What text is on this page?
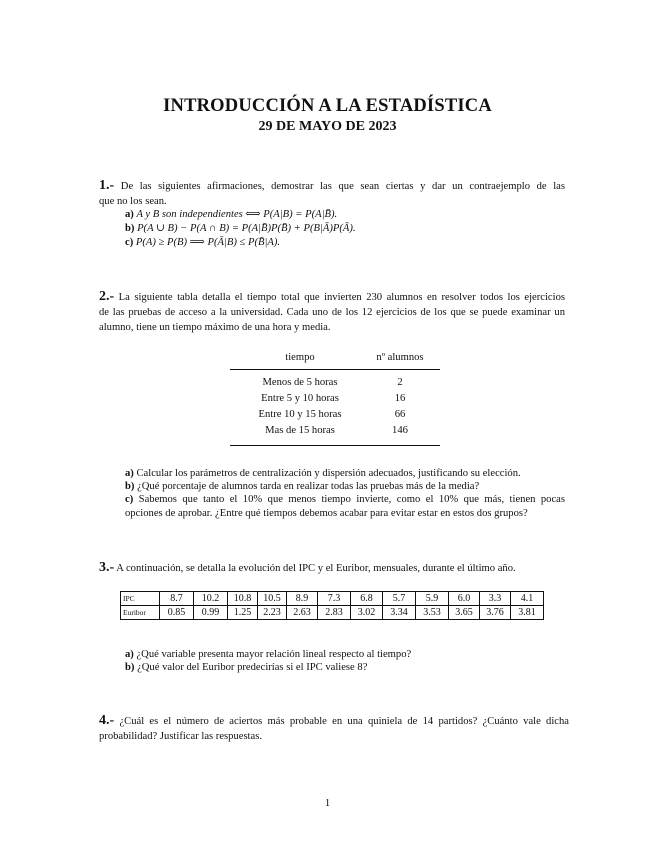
INTRODUCCIÓN A LA ESTADÍSTICA
29 DE MAYO DE 2023
1.- De las siguientes afirmaciones, demostrar las que sean ciertas y dar un contraejemplo de las
que no los sean.
a) A y B son independientes ⟺ P(A|B) = P(A|B̄).
b) P(A ∪ B) − P(A ∩ B) = P(A|B̄)P(B̄) + P(B|Ā)P(Ā).
c) P(A) ≥ P(B) ⟹ P(Ā|B) ≤ P(B̄|A).
2.- La siguiente tabla detalla el tiempo total que invierten 230 alumnos en resolver todos los ejercicios
de las pruebas de acceso a la universidad. Cada uno de los 12 ejercicios de los que se puede examinar un
alumno, tiene un tiempo máximo de una hora y media.
tiempo	nº alumnos
Menos de 5 horas	2
Entre 5 y 10 horas	16
Entre 10 y 15 horas	66
Mas de 15 horas	146
a) Calcular los parámetros de centralización y dispersión adecuados, justificando su elección.
b) ¿Qué porcentaje de alumnos tarda en realizar todas las pruebas más de la media?
c) Sabemos que tanto el 10% que menos tiempo invierte, como el 10% que más, tienen pocas
opciones de aprobar. ¿Entre qué tiempos debemos acabar para evitar estar en estos dos grupos?
3.- A continuación, se detalla la evolución del IPC y el Euribor, mensuales, durante el último año.
IPC	8.7	10.2	10.8	10.5	8.9	7.3	6.8	5.7	5.9	6.0	3.3	4.1
Euribor	0.85	0.99	1.25	2.23	2.63	2.83	3.02	3.34	3.53	3.65	3.76	3.81
a) ¿Qué variable presenta mayor relación lineal respecto al tiempo?
b) ¿Qué valor del Euribor predecirías si el IPC valiese 8?
4.- ¿Cuál es el número de aciertos más probable en una quiniela de 14 partidos? ¿Cuánto vale dicha
probabilidad? Justificar las respuestas.
1
